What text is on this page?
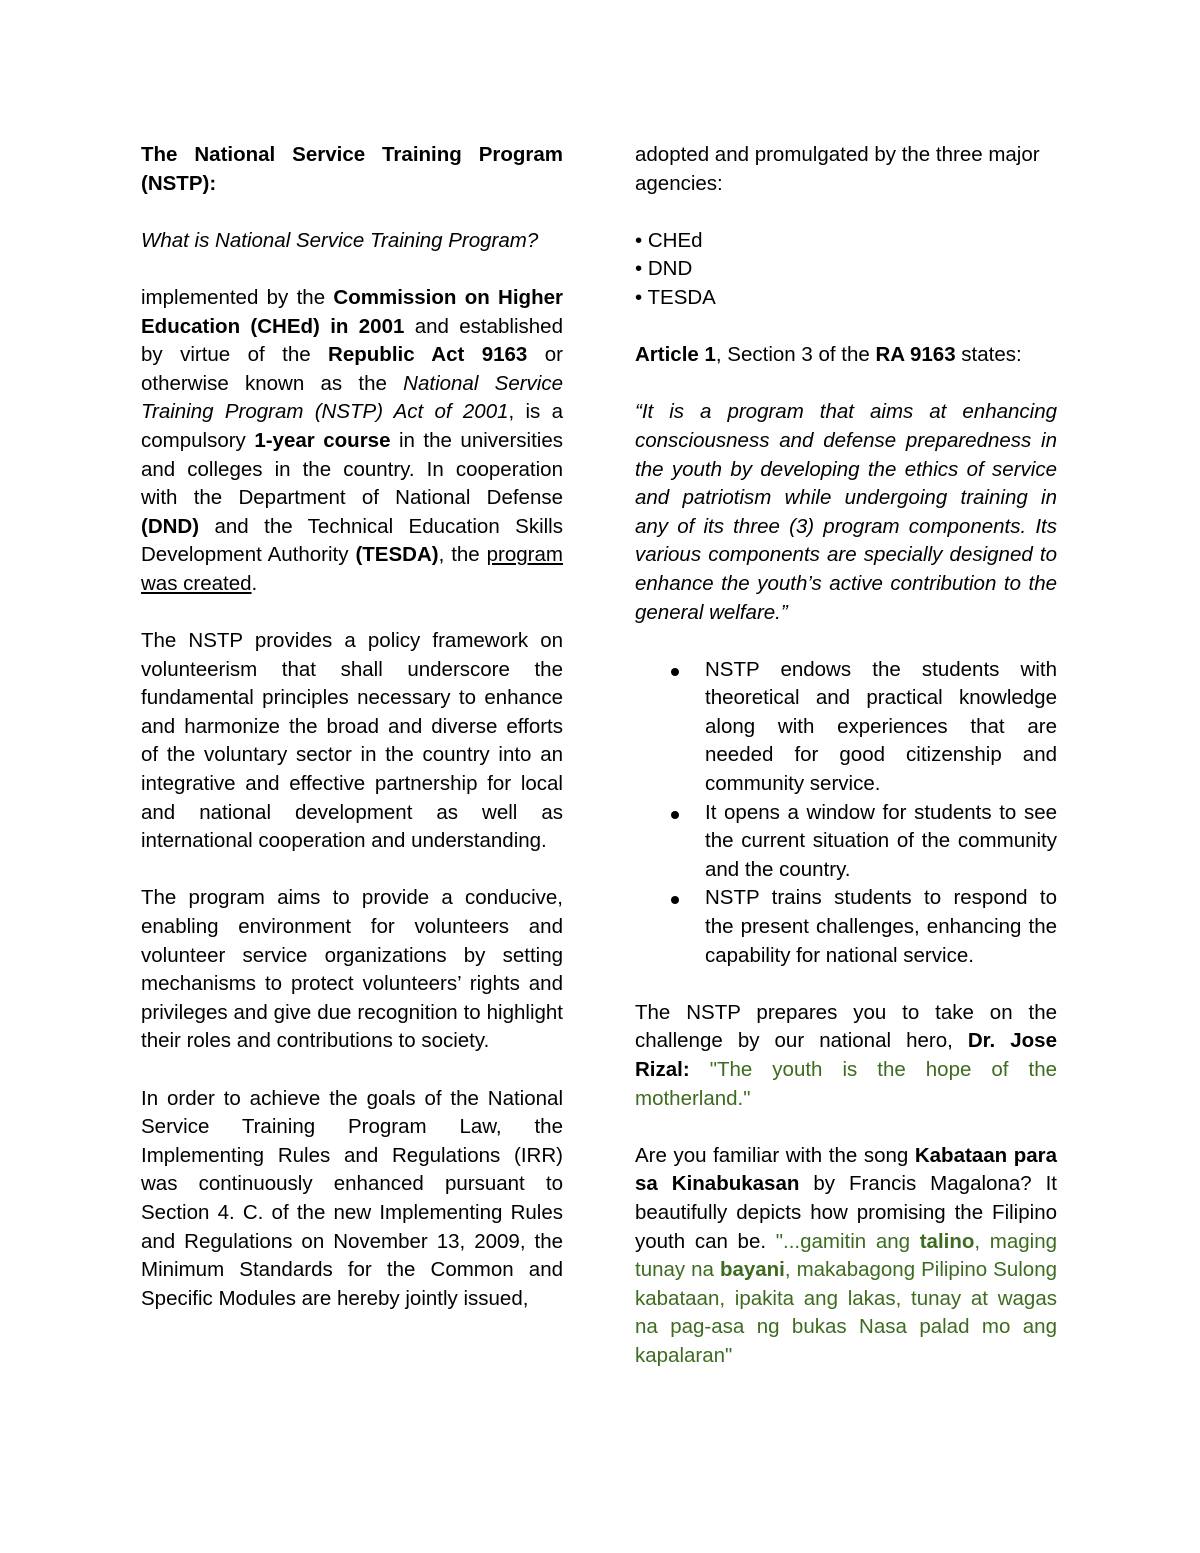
The National Service Training Program (NSTP):

What is National Service Training Program?

implemented by the Commission on Higher Education (CHEd) in 2001 and established by virtue of the Republic Act 9163 or otherwise known as the National Service Training Program (NSTP) Act of 2001, is a compulsory 1-year course in the universities and colleges in the country. In cooperation with the Department of National Defense (DND) and the Technical Education Skills Development Authority (TESDA), the program was created.

The NSTP provides a policy framework on volunteerism that shall underscore the fundamental principles necessary to enhance and harmonize the broad and diverse efforts of the voluntary sector in the country into an integrative and effective partnership for local and national development as well as international cooperation and understanding.

The program aims to provide a conducive, enabling environment for volunteers and volunteer service organizations by setting mechanisms to protect volunteers’ rights and privileges and give due recognition to highlight their roles and contributions to society.

In order to achieve the goals of the National Service Training Program Law, the Implementing Rules and Regulations (IRR) was continuously enhanced pursuant to Section 4. C. of the new Implementing Rules and Regulations on November 13, 2009, the Minimum Standards for the Common and Specific Modules are hereby jointly issued,

adopted and promulgated by the three major agencies:

• CHEd
• DND
• TESDA

Article 1, Section 3 of the RA 9163 states:

“It is a program that aims at enhancing consciousness and defense preparedness in the youth by developing the ethics of service and patriotism while undergoing training in any of its three (3) program components. Its various components are specially designed to enhance the youth’s active contribution to the general welfare.”

NSTP endows the students with theoretical and practical knowledge along with experiences that are needed for good citizenship and community service.
It opens a window for students to see the current situation of the community and the country.
NSTP trains students to respond to the present challenges, enhancing the capability for national service.

The NSTP prepares you to take on the challenge by our national hero, Dr. Jose Rizal: "The youth is the hope of the motherland."

Are you familiar with the song Kabataan para sa Kinabukasan by Francis Magalona? It beautifully depicts how promising the Filipino youth can be. "...gamitin ang talino, maging tunay na bayani, makabagong Pilipino Sulong kabataan, ipakita ang lakas, tunay at wagas na pag-asa ng bukas Nasa palad mo ang kapalaran"
